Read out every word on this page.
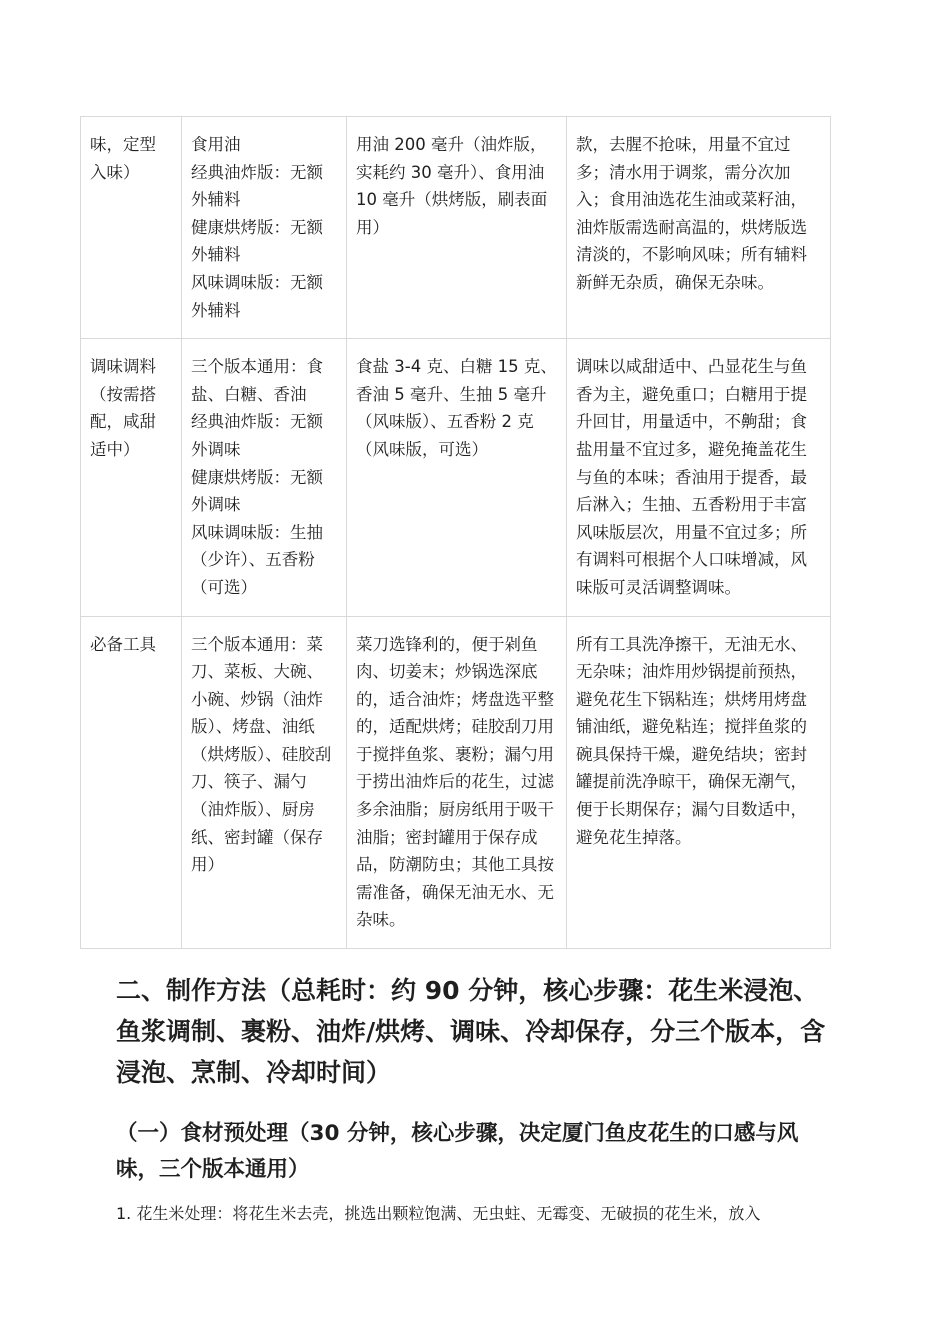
味，定型入味）	食用油
经典油炸版：无额外辅料
健康烘烤版：无额外辅料
风味调味版：无额外辅料	用油 200 毫升（油炸版，实耗约 30 毫升）、食用油 10 毫升（烘烤版，刷表面用）	款，去腥不抢味，用量不宜过多；清水用于调浆，需分次加入；食用油选花生油或菜籽油，油炸版需选耐高温的，烘烤版选清淡的，不影响风味；所有辅料新鲜无杂质，确保无杂味。

调味调料（按需搭配，咸甜适中）	三个版本通用：食盐、白糖、香油
经典油炸版：无额外调味
健康烘烤版：无额外调味
风味调味版：生抽（少许）、五香粉（可选）	食盐 3-4 克、白糖 15 克、香油 5 毫升、生抽 5 毫升（风味版）、五香粉 2 克（风味版，可选）	调味以咸甜适中、凸显花生与鱼香为主，避免重口；白糖用于提升回甘，用量适中，不齁甜；食盐用量不宜过多，避免掩盖花生与鱼的本味；香油用于提香，最后淋入；生抽、五香粉用于丰富风味版层次，用量不宜过多；所有调料可根据个人口味增减，风味版可灵活调整调味。

必备工具	三个版本通用：菜刀、菜板、大碗、小碗、炒锅（油炸版）、烤盘、油纸（烘烤版）、硅胶刮刀、筷子、漏勺（油炸版）、厨房纸、密封罐（保存用）	菜刀选锋利的，便于剁鱼肉、切姜末；炒锅选深底的，适合油炸；烤盘选平整的，适配烘烤；硅胶刮刀用于搅拌鱼浆、裹粉；漏勺用于捞出油炸后的花生，过滤多余油脂；厨房纸用于吸干油脂；密封罐用于保存成品，防潮防虫；其他工具按需准备，确保无油无水、无杂味。	所有工具洗净擦干，无油无水、无杂味；油炸用炒锅提前预热，避免花生下锅粘连；烘烤用烤盘铺油纸，避免粘连；搅拌鱼浆的碗具保持干燥，避免结块；密封罐提前洗净晾干，确保无潮气，便于长期保存；漏勺目数适中，避免花生掉落。
二、制作方法（总耗时：约 90 分钟，核心步骤：花生米浸泡、鱼浆调制、裹粉、油炸/烘烤、调味、冷却保存，分三个版本，含浸泡、烹制、冷却时间）
（一）食材预处理（30 分钟，核心步骤，决定厦门鱼皮花生的口感与风味，三个版本通用）

1. 花生米处理：将花生米去壳，挑选出颗粒饱满、无虫蛀、无霉变、无破损的花生米，放入
